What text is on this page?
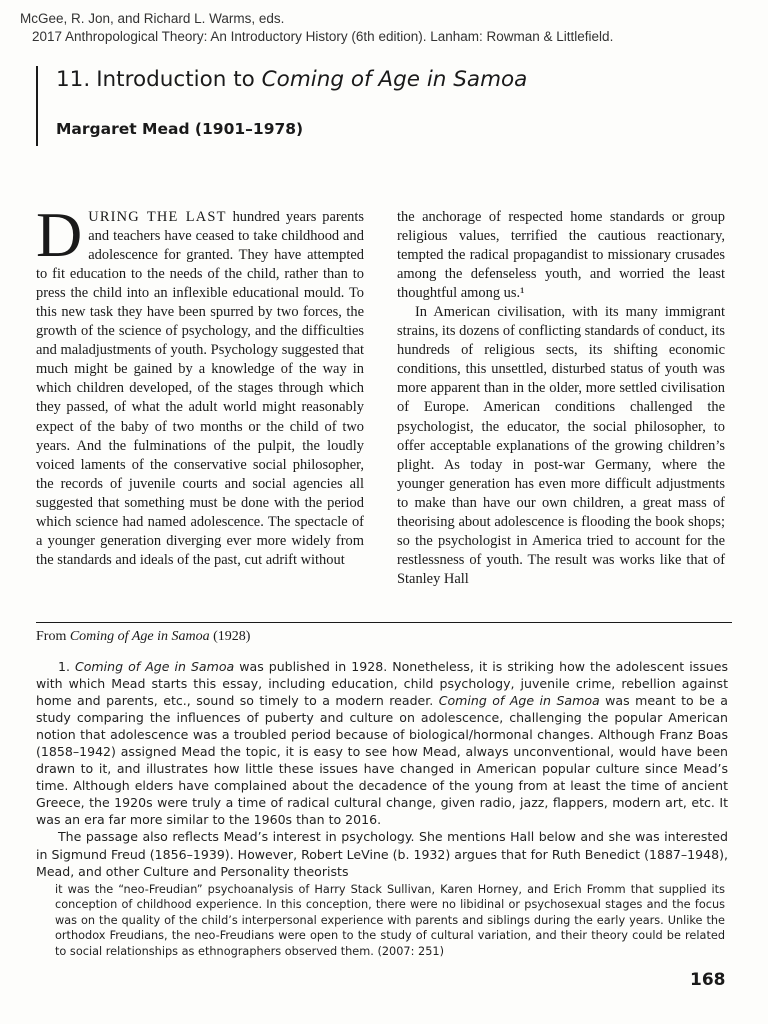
McGee, R. Jon, and Richard L. Warms, eds.
2017 Anthropological Theory: An Introductory History (6th edition). Lanham: Rowman & Littlefield.
11. Introduction to Coming of Age in Samoa
Margaret Mead (1901–1978)

DURING THE LAST hundred years parents and teachers have ceased to take childhood and adolescence for granted. They have attempted to fit education to the needs of the child, rather than to press the child into an inflexible educational mould. To this new task they have been spurred by two forces, the growth of the science of psychology, and the difficulties and maladjustments of youth. Psychology suggested that much might be gained by a knowledge of the way in which children developed, of the stages through which they passed, of what the adult world might reasonably expect of the baby of two months or the child of two years. And the fulminations of the pulpit, the loudly voiced laments of the conservative social philosopher, the records of juvenile courts and social agencies all suggested that something must be done with the period which science had named adolescence. The spectacle of a younger generation diverging ever more widely from the standards and ideals of the past, cut adrift without

the anchorage of respected home standards or group religious values, terrified the cautious reactionary, tempted the radical propagandist to missionary crusades among the defenseless youth, and worried the least thoughtful among us.¹

In American civilisation, with its many immigrant strains, its dozens of conflicting standards of conduct, its hundreds of religious sects, its shifting economic conditions, this unsettled, disturbed status of youth was more apparent than in the older, more settled civilisation of Europe. American conditions challenged the psychologist, the educator, the social philosopher, to offer acceptable explanations of the growing children’s plight. As today in post-war Germany, where the younger generation has even more difficult adjustments to make than have our own children, a great mass of theorising about adolescence is flooding the book shops; so the psychologist in America tried to account for the restlessness of youth. The result was works like that of Stanley Hall

From Coming of Age in Samoa (1928)

1. Coming of Age in Samoa was published in 1928. Nonetheless, it is striking how the adolescent issues with which Mead starts this essay, including education, child psychology, juvenile crime, rebellion against home and parents, etc., sound so timely to a modern reader. Coming of Age in Samoa was meant to be a study comparing the influences of puberty and culture on adolescence, challenging the popular American notion that adolescence was a troubled period because of biological/hormonal changes. Although Franz Boas (1858–1942) assigned Mead the topic, it is easy to see how Mead, always unconventional, would have been drawn to it, and illustrates how little these issues have changed in American popular culture since Mead’s time. Although elders have complained about the decadence of the young from at least the time of ancient Greece, the 1920s were truly a time of radical cultural change, given radio, jazz, flappers, modern art, etc. It was an era far more similar to the 1960s than to 2016.

The passage also reflects Mead’s interest in psychology. She mentions Hall below and she was interested in Sigmund Freud (1856–1939). However, Robert LeVine (b. 1932) argues that for Ruth Benedict (1887–1948), Mead, and other Culture and Personality theorists

it was the “neo-Freudian” psychoanalysis of Harry Stack Sullivan, Karen Horney, and Erich Fromm that supplied its conception of childhood experience. In this conception, there were no libidinal or psychosexual stages and the focus was on the quality of the child’s interpersonal experience with parents and siblings during the early years. Unlike the orthodox Freudians, the neo-Freudians were open to the study of cultural variation, and their theory could be related to social relationships as ethnographers observed them. (2007: 251)

168
